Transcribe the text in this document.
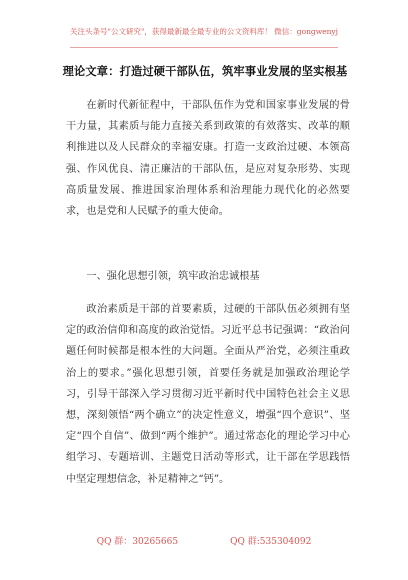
关注头条号"公文研究"，获得最新最全最专业的公文资料库！ 微信：gongwenyj
理论文章：打造过硬干部队伍，筑牢事业发展的坚实根基

在新时代新征程中，干部队伍作为党和国家事业发展的骨干力量，其素质与能力直接关系到政策的有效落实、改革的顺利推进以及人民群众的幸福安康。打造一支政治过硬、本领高强、作风优良、清正廉洁的干部队伍，是应对复杂形势、实现高质量发展、推进国家治理体系和治理能力现代化的必然要求，也是党和人民赋予的重大使命。

一、强化思想引领，筑牢政治忠诚根基

政治素质是干部的首要素质，过硬的干部队伍必须拥有坚定的政治信仰和高度的政治觉悟。习近平总书记强调：“政治问题任何时候都是根本性的大问题。全面从严治党，必须注重政治上的要求。”强化思想引领，首要任务就是加强政治理论学习，引导干部深入学习贯彻习近平新时代中国特色社会主义思想，深刻领悟“两个确立”的决定性意义，增强“四个意识”、坚定“四个自信”、做到“两个维护”。通过常态化的理论学习中心组学习、专题培训、主题党日活动等形式，让干部在学思践悟中坚定理想信念，补足精神之“钙”。

QQ 群：30265665	QQ 群:535304092
